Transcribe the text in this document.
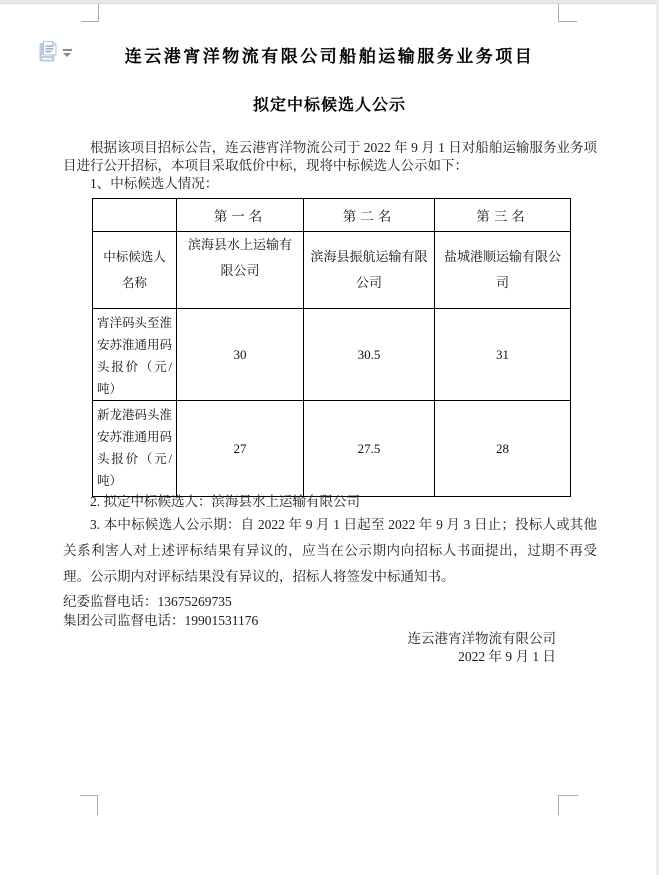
连云港宵洋物流有限公司船舶运输服务业务项目
拟定中标候选人公示

根据该项目招标公告，连云港宵洋物流公司于 2022 年 9 月 1 日对船舶运输服务业务项目进行公开招标，本项目采取低价中标，现将中标候选人公示如下：

1、中标候选人情况：

	第一名	第二名	第三名
中标候选人名称	滨海县水上运输有限公司	滨海县振航运输有限公司	盐城港顺运输有限公司
宵洋码头至淮安苏淮通用码头报价（元/吨）	30	30.5	31
新龙港码头淮安苏淮通用码头报价（元/吨）	27	27.5	28

2. 拟定中标候选人：滨海县水上运输有限公司

3. 本中标候选人公示期：自 2022 年 9 月 1 日起至 2022 年 9 月 3 日止；投标人或其他关系利害人对上述评标结果有异议的，应当在公示期内向招标人书面提出，过期不再受理。公示期内对评标结果没有异议的，招标人将签发中标通知书。

纪委监督电话：13675269735
集团公司监督电话：19901531176
连云港宵洋物流有限公司
2022 年 9 月 1 日
